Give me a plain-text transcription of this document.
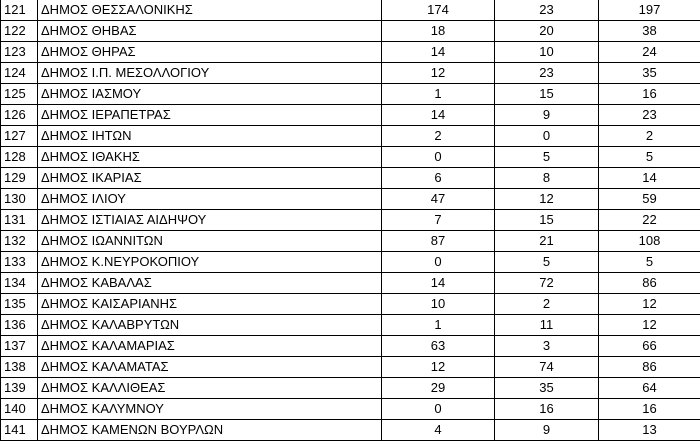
121	ΔΗΜΟΣ ΘΕΣΣΑΛΟΝΙΚΗΣ	174	23	197
122	ΔΗΜΟΣ ΘΗΒΑΣ	18	20	38
123	ΔΗΜΟΣ ΘΗΡΑΣ	14	10	24
124	ΔΗΜΟΣ Ι.Π. ΜΕΣΟΛΛΟΓΙΟΥ	12	23	35
125	ΔΗΜΟΣ ΙΑΣΜΟΥ	1	15	16
126	ΔΗΜΟΣ ΙΕΡΑΠΕΤΡΑΣ	14	9	23
127	ΔΗΜΟΣ ΙΗΤΩΝ	2	0	2
128	ΔΗΜΟΣ ΙΘΑΚΗΣ	0	5	5
129	ΔΗΜΟΣ ΙΚΑΡΙΑΣ	6	8	14
130	ΔΗΜΟΣ ΙΛΙΟΥ	47	12	59
131	ΔΗΜΟΣ ΙΣΤΙΑΙΑΣ ΑΙΔΗΨΟΥ	7	15	22
132	ΔΗΜΟΣ ΙΩΑΝΝΙΤΩΝ	87	21	108
133	ΔΗΜΟΣ Κ.ΝΕΥΡΟΚΟΠΙΟΥ	0	5	5
134	ΔΗΜΟΣ ΚΑΒΑΛΑΣ	14	72	86
135	ΔΗΜΟΣ ΚΑΙΣΑΡΙΑΝΗΣ	10	2	12
136	ΔΗΜΟΣ ΚΑΛΑΒΡΥΤΩΝ	1	11	12
137	ΔΗΜΟΣ ΚΑΛΑΜΑΡΙΑΣ	63	3	66
138	ΔΗΜΟΣ ΚΑΛΑΜΑΤΑΣ	12	74	86
139	ΔΗΜΟΣ ΚΑΛΛΙΘΕΑΣ	29	35	64
140	ΔΗΜΟΣ ΚΑΛΥΜΝΟΥ	0	16	16
141	ΔΗΜΟΣ ΚΑΜΕΝΩΝ ΒΟΥΡΛΩΝ	4	9	13
